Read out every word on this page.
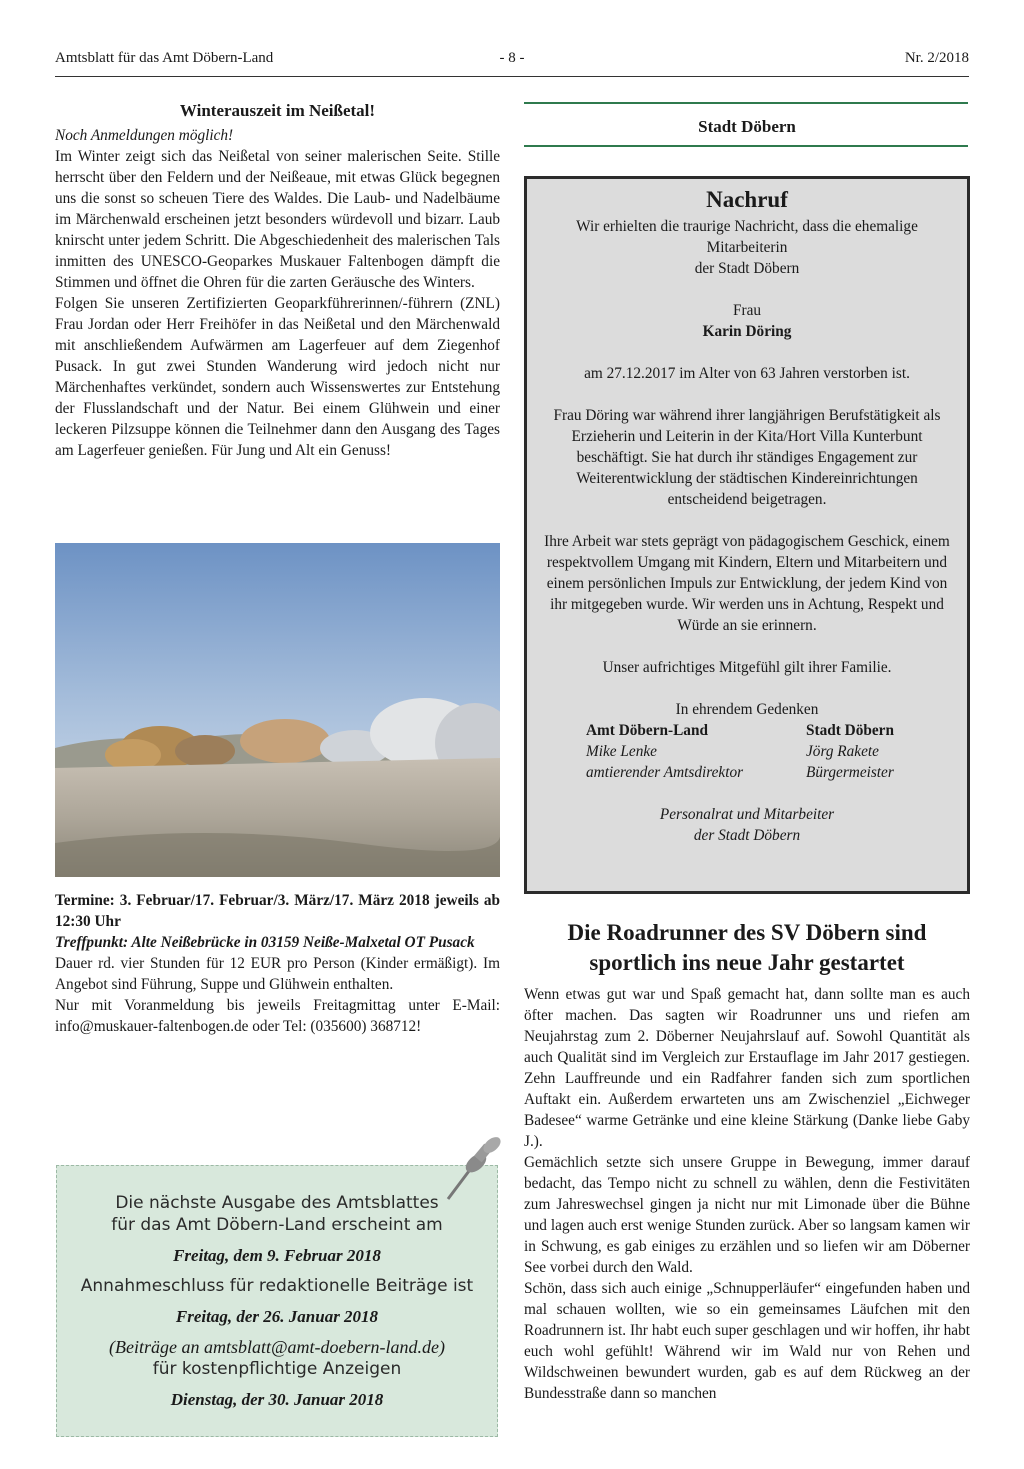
Amtsblatt für das Amt Döbern-Land	- 8 -	Nr. 2/2018
Winterauszeit im Neißetal!

Noch Anmeldungen möglich!

Im Winter zeigt sich das Neißetal von seiner malerischen Seite. Stille herrscht über den Feldern und der Neißeaue, mit etwas Glück begegnen uns die sonst so scheuen Tiere des Waldes. Die Laub- und Nadelbäume im Märchenwald erscheinen jetzt besonders würdevoll und bizarr. Laub knirscht unter jedem Schritt. Die Abgeschiedenheit des malerischen Tals inmitten des UNESCO-Geoparkes Muskauer Faltenbogen dämpft die Stimmen und öffnet die Ohren für die zarten Geräusche des Winters.

Folgen Sie unseren Zertifizierten Geoparkführerinnen/-führern (ZNL) Frau Jordan oder Herr Freihöfer in das Neißetal und den Märchenwald mit anschließendem Aufwärmen am Lagerfeuer auf dem Ziegenhof Pusack. In gut zwei Stunden Wanderung wird jedoch nicht nur Märchenhaftes verkündet, sondern auch Wissenswertes zur Entstehung der Flusslandschaft und der Natur. Bei einem Glühwein und einer leckeren Pilzsuppe können die Teilnehmer dann den Ausgang des Tages am Lagerfeuer genießen. Für Jung und Alt ein Genuss!

Termine: 3. Februar/17. Februar/3. März/17. März 2018 jeweils ab 12:30 Uhr

Treffpunkt: Alte Neißebrücke in 03159 Neiße-Malxetal OT Pusack

Dauer rd. vier Stunden für 12 EUR pro Person (Kinder ermäßigt). Im Angebot sind Führung, Suppe und Glühwein enthalten.

Nur mit Voranmeldung bis jeweils Freitagmittag unter E-Mail: info@muskauer-faltenbogen.de oder Tel: (035600) 368712!

Die nächste Ausgabe des Amtsblattes
für das Amt Döbern-Land erscheint am
Freitag, dem 9. Februar 2018
Annahmeschluss für redaktionelle Beiträge ist
Freitag, der 26. Januar 2018
(Beiträge an amtsblatt@amt-doebern-land.de)
für kostenpflichtige Anzeigen
Dienstag, der 30. Januar 2018
Stadt Döbern
Nachruf

Wir erhielten die traurige Nachricht, dass die ehemalige

Mitarbeiterin

der Stadt Döbern

Frau

Karin Döring

am 27.12.2017 im Alter von 63 Jahren verstorben ist.

Frau Döring war während ihrer langjährigen Berufstätigkeit als Erzieherin und Leiterin in der Kita/Hort Villa Kunterbunt beschäftigt. Sie hat durch ihr ständiges Engagement zur Weiterentwicklung der städtischen Kindereinrichtungen entscheidend beigetragen.

Ihre Arbeit war stets geprägt von pädagogischem Geschick, einem respektvollem Umgang mit Kindern, Eltern und Mitarbeitern und einem persönlichen Impuls zur Entwicklung, der jedem Kind von ihr mitgegeben wurde. Wir werden uns in Achtung, Respekt und Würde an sie erinnern.

Unser aufrichtiges Mitgefühl gilt ihrer Familie.

In ehrendem Gedenken

Amt Döbern-Land
Mike Lenke
amtierender Amtsdirektor
Stadt Döbern
Jörg Rakete
Bürgermeister

Personalrat und Mitarbeiter

der Stadt Döbern

Die Roadrunner des SV Döbern sind
sportlich ins neue Jahr gestartet

Wenn etwas gut war und Spaß gemacht hat, dann sollte man es auch öfter machen. Das sagten wir Roadrunner uns und riefen am Neujahrstag zum 2. Döberner Neujahrslauf auf. Sowohl Quantität als auch Qualität sind im Vergleich zur Erstauflage im Jahr 2017 gestiegen. Zehn Lauffreunde und ein Radfahrer fanden sich zum sportlichen Auftakt ein. Außerdem erwarteten uns am Zwischenziel „Eichweger Badesee“ warme Getränke und eine kleine Stärkung (Danke liebe Gaby J.).

Gemächlich setzte sich unsere Gruppe in Bewegung, immer darauf bedacht, das Tempo nicht zu schnell zu wählen, denn die Festivitäten zum Jahreswechsel gingen ja nicht nur mit Limonade über die Bühne und lagen auch erst wenige Stunden zurück. Aber so langsam kamen wir in Schwung, es gab einiges zu erzählen und so liefen wir am Döberner See vorbei durch den Wald.

Schön, dass sich auch einige „Schnupperläufer“ eingefunden haben und mal schauen wollten, wie so ein gemeinsames Läufchen mit den Roadrunnern ist. Ihr habt euch super geschlagen und wir hoffen, ihr habt euch wohl gefühlt! Während wir im Wald nur von Rehen und Wildschweinen bewundert wurden, gab es auf dem Rückweg an der Bundesstraße dann so manchen
